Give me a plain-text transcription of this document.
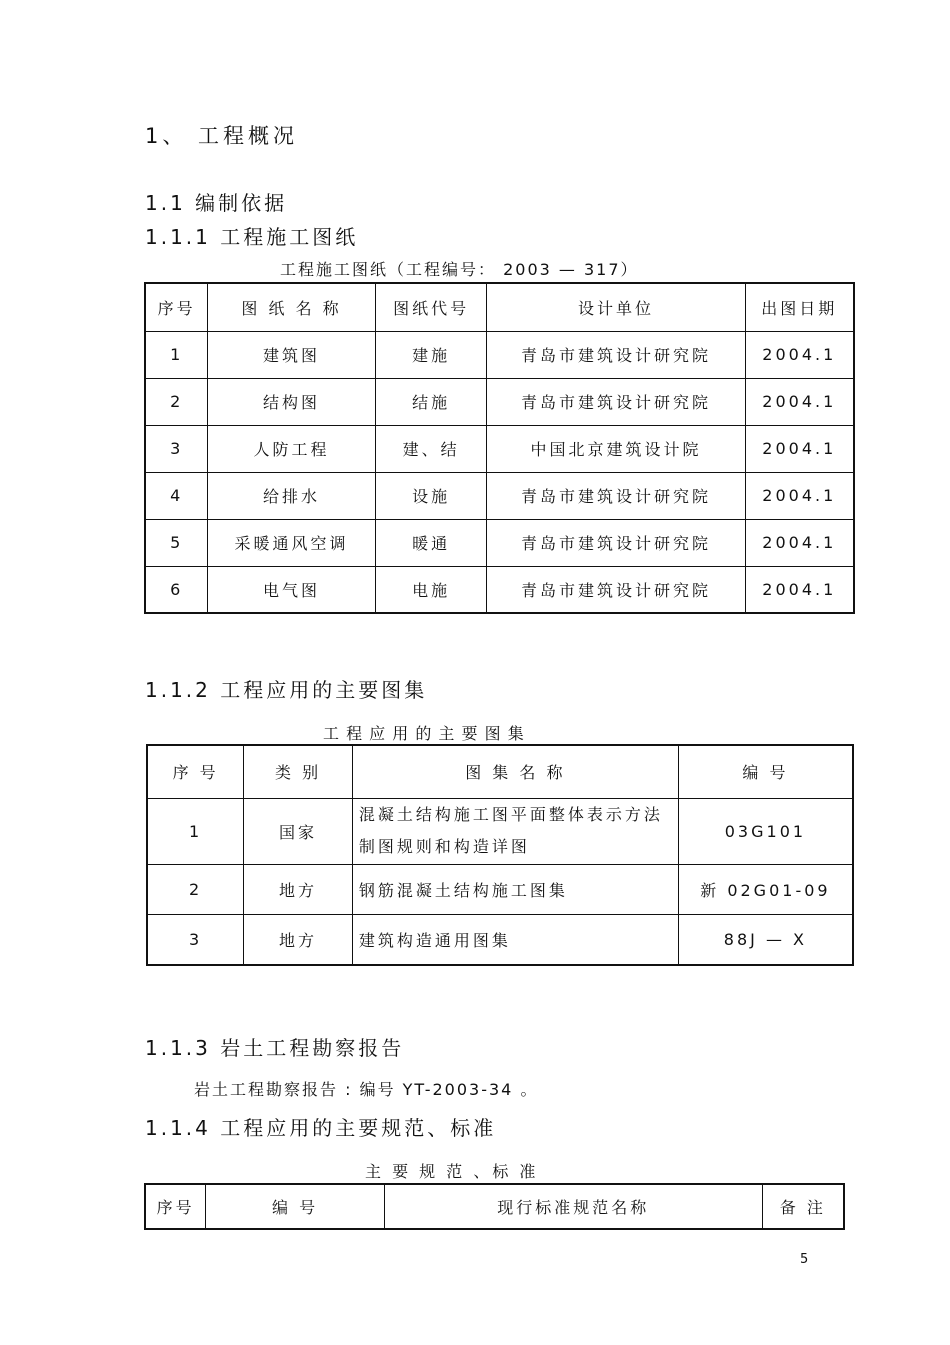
1、 工程概况
1.1 编制依据
1.1.1 工程施工图纸
工程施工图纸（工程编号： 2003 — 317）
序号	图 纸 名 称	图纸代号	设计单位	出图日期
1	建筑图	建施	青岛市建筑设计研究院	2004.1
2	结构图	结施	青岛市建筑设计研究院	2004.1
3	人防工程	建、结	中国北京建筑设计院	2004.1
4	给排水	设施	青岛市建筑设计研究院	2004.1
5	采暖通风空调	暖通	青岛市建筑设计研究院	2004.1
6	电气图	电施	青岛市建筑设计研究院	2004.1
1.1.2 工程应用的主要图集
工 程 应 用 的 主 要 图 集
序 号	类 别	图 集 名 称	编 号
1	国家	混凝土结构施工图平面整体表示方法制图规则和构造详图	03G101
2	地方	钢筋混凝土结构施工图集	新 02G01-09
3	地方	建筑构造通用图集	88J — X
1.1.3 岩土工程勘察报告
岩土工程勘察报告 : 编号 YT-2003-34 。
1.1.4 工程应用的主要规范、标准
主 要 规 范 、标 准
序号	编 号	现行标准规范名称	备 注
5
